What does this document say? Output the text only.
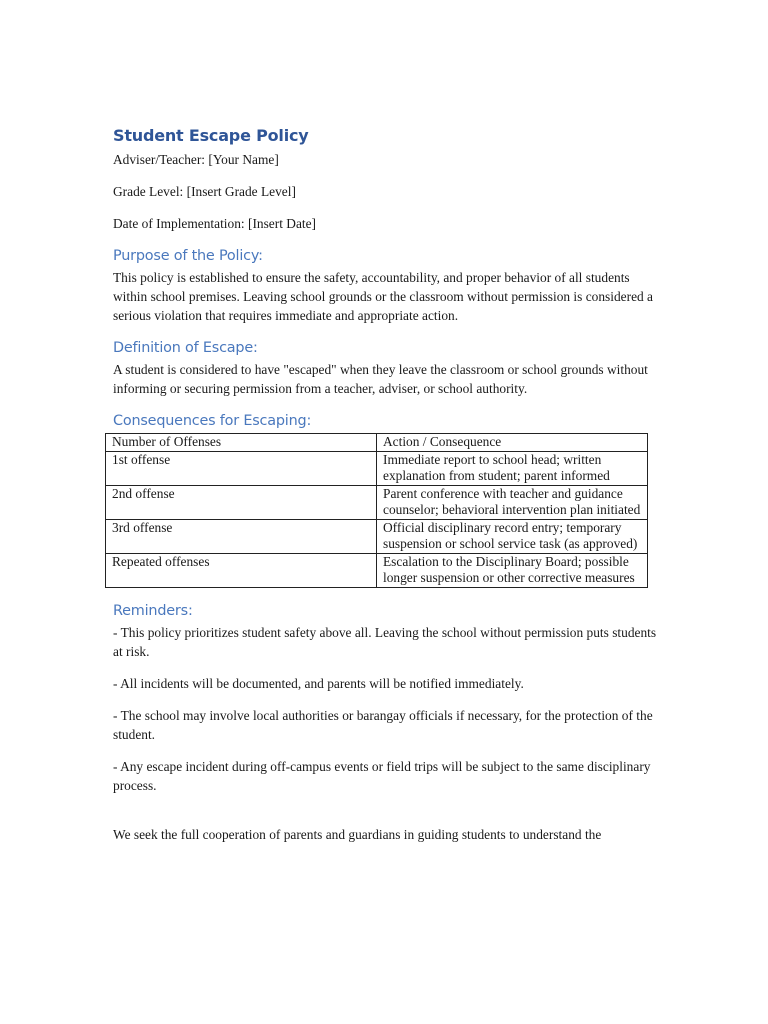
Student Escape Policy

Adviser/Teacher: [Your Name]

Grade Level: [Insert Grade Level]

Date of Implementation: [Insert Date]

Purpose of the Policy:

This policy is established to ensure the safety, accountability, and proper behavior of all students within school premises. Leaving school grounds or the classroom without permission is considered a serious violation that requires immediate and appropriate action.

Definition of Escape:

A student is considered to have "escaped" when they leave the classroom or school grounds without informing or securing permission from a teacher, adviser, or school authority.

Consequences for Escaping:
Number of Offenses	Action / Consequence
1st offense	Immediate report to school head; written explanation from student; parent informed
2nd offense	Parent conference with teacher and guidance counselor; behavioral intervention plan initiated
3rd offense	Official disciplinary record entry; temporary suspension or school service task (as approved)
Repeated offenses	Escalation to the Disciplinary Board; possible longer suspension or other corrective measures
Reminders:

- This policy prioritizes student safety above all. Leaving the school without permission puts students at risk.

- All incidents will be documented, and parents will be notified immediately.

- The school may involve local authorities or barangay officials if necessary, for the protection of the student.

- Any escape incident during off-campus events or field trips will be subject to the same disciplinary process.

We seek the full cooperation of parents and guardians in guiding students to understand the
